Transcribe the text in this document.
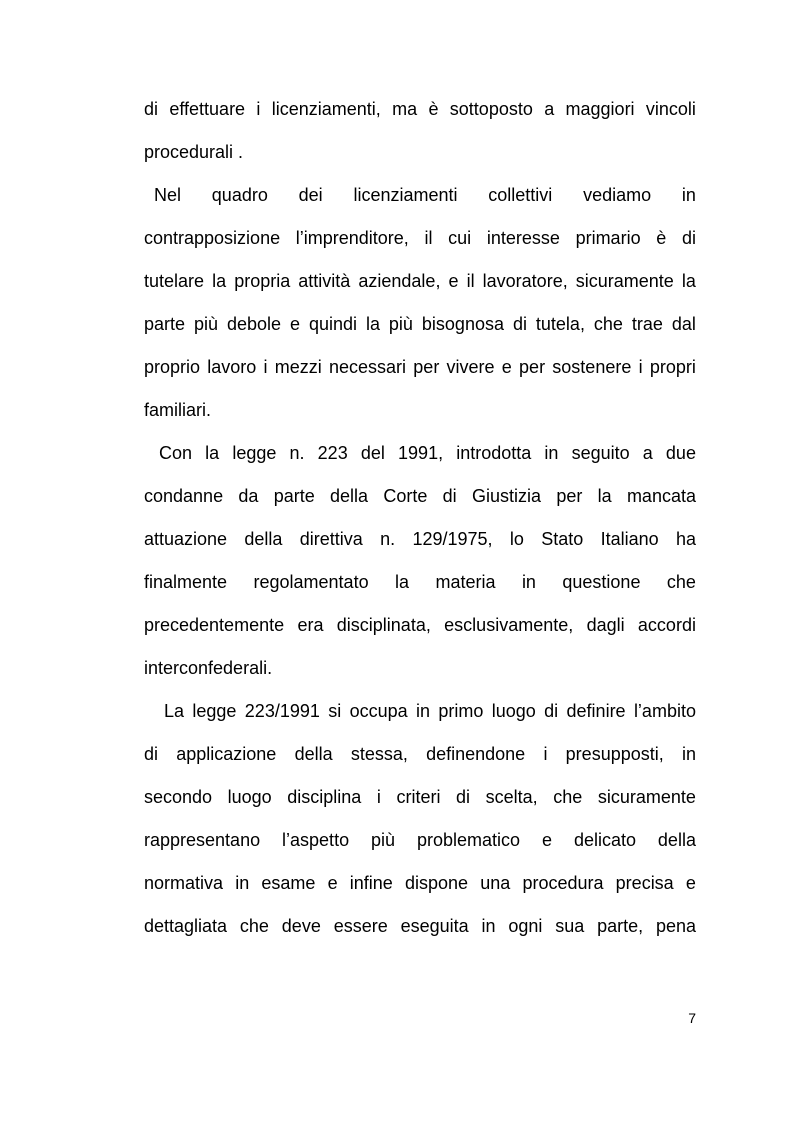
di effettuare i licenziamenti, ma è sottoposto a maggiori vincoli
procedurali .
Nel quadro dei licenziamenti collettivi vediamo in
contrapposizione l’imprenditore, il cui interesse primario è di
tutelare la propria attività aziendale, e il lavoratore, sicuramente la
parte più debole e quindi la più bisognosa di tutela, che trae dal
proprio lavoro i mezzi necessari per vivere e per sostenere i propri
familiari.
Con la legge n. 223 del 1991, introdotta in seguito a due
condanne da parte della Corte di Giustizia per la mancata
attuazione della direttiva n. 129/1975, lo Stato Italiano ha
finalmente regolamentato la materia in questione che
precedentemente era disciplinata, esclusivamente, dagli accordi
interconfederali.
La legge 223/1991 si occupa in primo luogo di definire l’ambito
di applicazione della stessa, definendone i presupposti, in
secondo luogo disciplina i criteri di scelta, che sicuramente
rappresentano l’aspetto più problematico e delicato della
normativa in esame e infine dispone una procedura precisa e
dettagliata che deve essere eseguita in ogni sua parte, pena
7
